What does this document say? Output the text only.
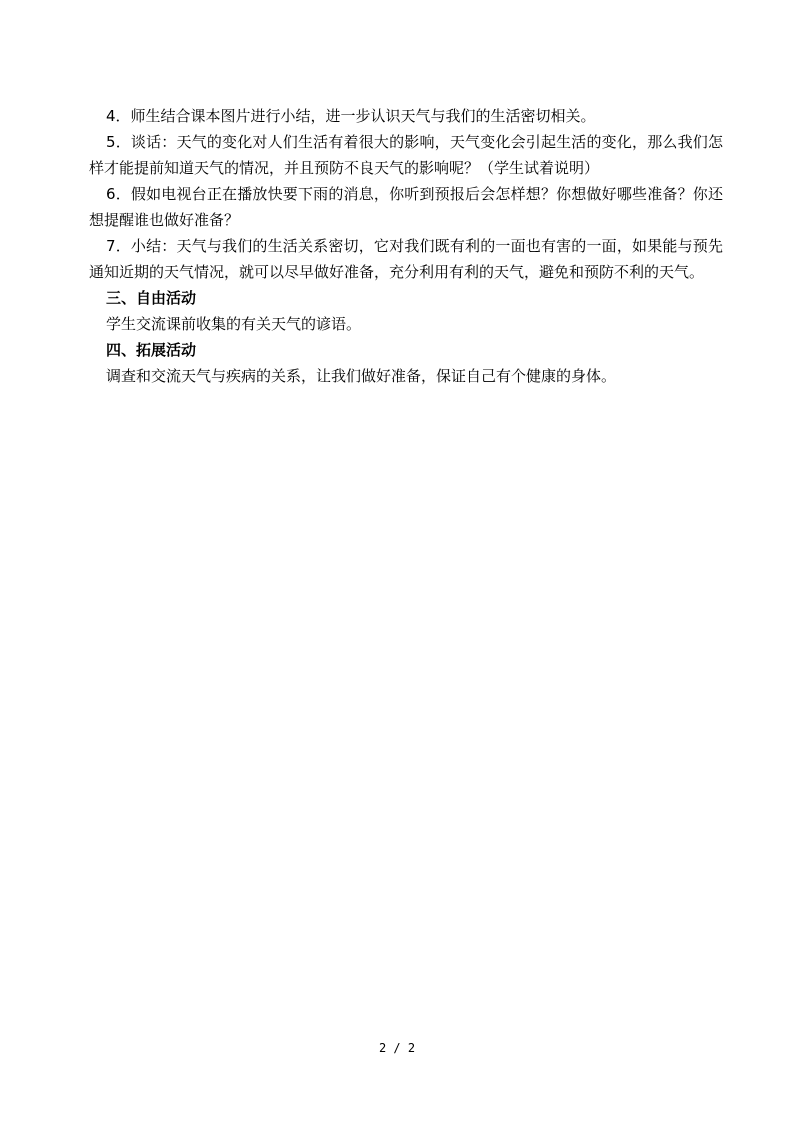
4．师生结合课本图片进行小结，进一步认识天气与我们的生活密切相关。

5．谈话：天气的变化对人们生活有着很大的影响，天气变化会引起生活的变化，那么我们怎样才能提前知道天气的情况，并且预防不良天气的影响呢？（学生试着说明）

6．假如电视台正在播放快要下雨的消息，你听到预报后会怎样想？你想做好哪些准备？你还想提醒谁也做好准备？

7．小结：天气与我们的生活关系密切，它对我们既有利的一面也有害的一面，如果能与预先通知近期的天气情况，就可以尽早做好准备，充分利用有利的天气，避免和预防不利的天气。

三、自由活动

学生交流课前收集的有关天气的谚语。

四、拓展活动

调查和交流天气与疾病的关系，让我们做好准备，保证自己有个健康的身体。

2 / 2
